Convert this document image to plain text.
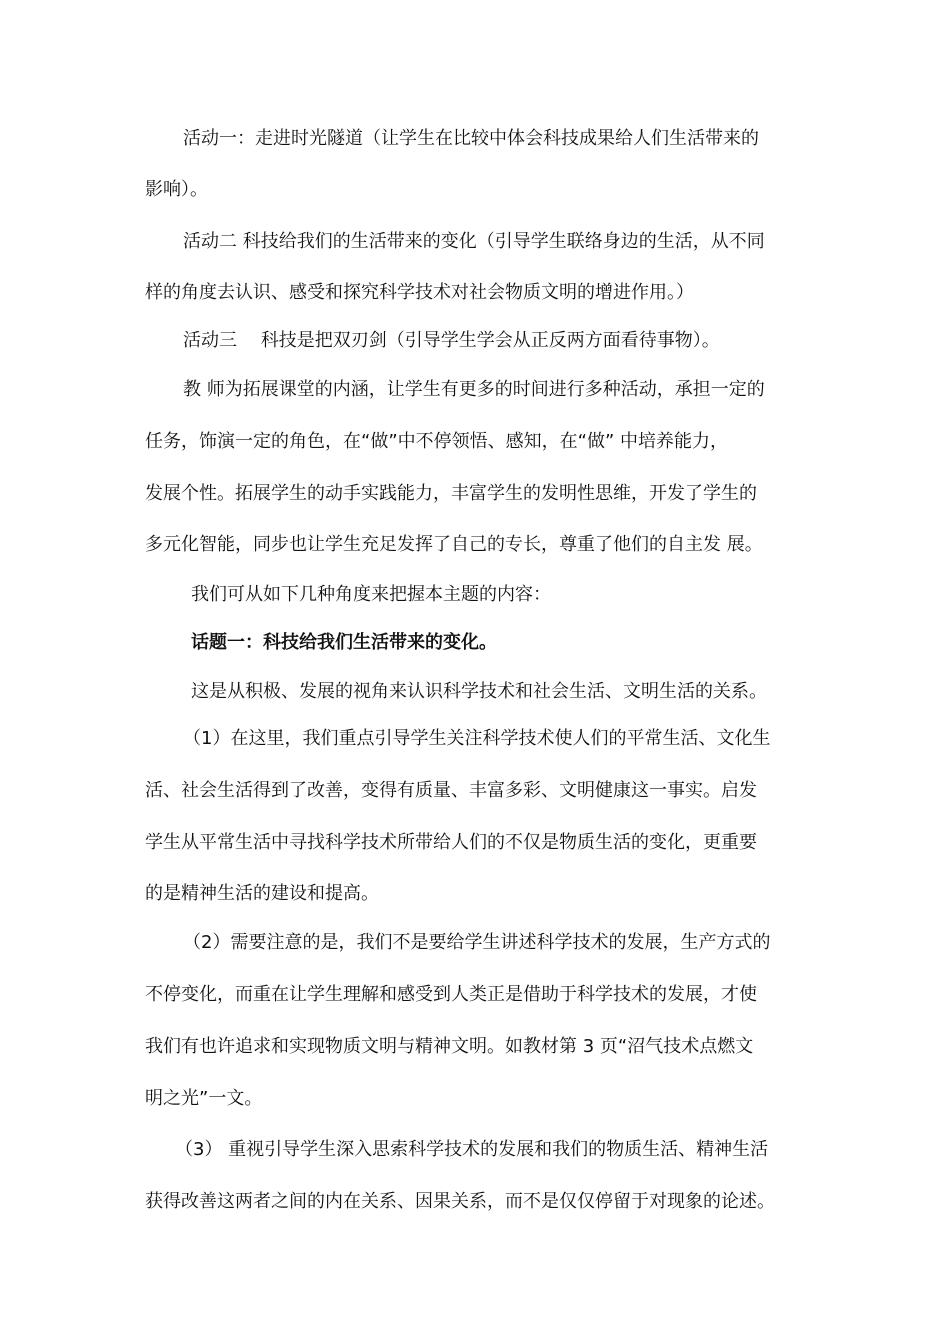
活动一：走进时光隧道（让学生在比较中体会科技成果给人们生活带来的
影响）。
活动二 科技给我们的生活带来的变化（引导学生联络身边的生活，从不同
样的角度去认识、感受和探究科学技术对社会物质文明的增进作用。）
活动三　 科技是把双刃剑（引导学生学会从正反两方面看待事物）。
教 师为拓展课堂的内涵，让学生有更多的时间进行多种活动，承担一定的
任务，饰演一定的角色，在“做”中不停领悟、感知，在“做” 中培养能力，
发展个性。拓展学生的动手实践能力，丰富学生的发明性思维，开发了学生的
多元化智能，同步也让学生充足发挥了自己的专长，尊重了他们的自主发 展。
我们可从如下几种角度来把握本主题的内容：
话题一：科技给我们生活带来的变化。
这是从积极、发展的视角来认识科学技术和社会生活、文明生活的关系。
（1）在这里，我们重点引导学生关注科学技术使人们的平常生活、文化生
活、社会生活得到了改善，变得有质量、丰富多彩、文明健康这一事实。启发
学生从平常生活中寻找科学技术所带给人们的不仅是物质生活的变化，更重要
的是精神生活的建设和提高。
（2）需要注意的是，我们不是要给学生讲述科学技术的发展，生产方式的
不停变化，而重在让学生理解和感受到人类正是借助于科学技术的发展，才使
我们有也许追求和实现物质文明与精神文明。如教材第 3 页“沼气技术点燃文
明之光”一文。
（3） 重视引导学生深入思索科学技术的发展和我们的物质生活、精神生活
获得改善这两者之间的内在关系、因果关系，而不是仅仅停留于对现象的论述。
